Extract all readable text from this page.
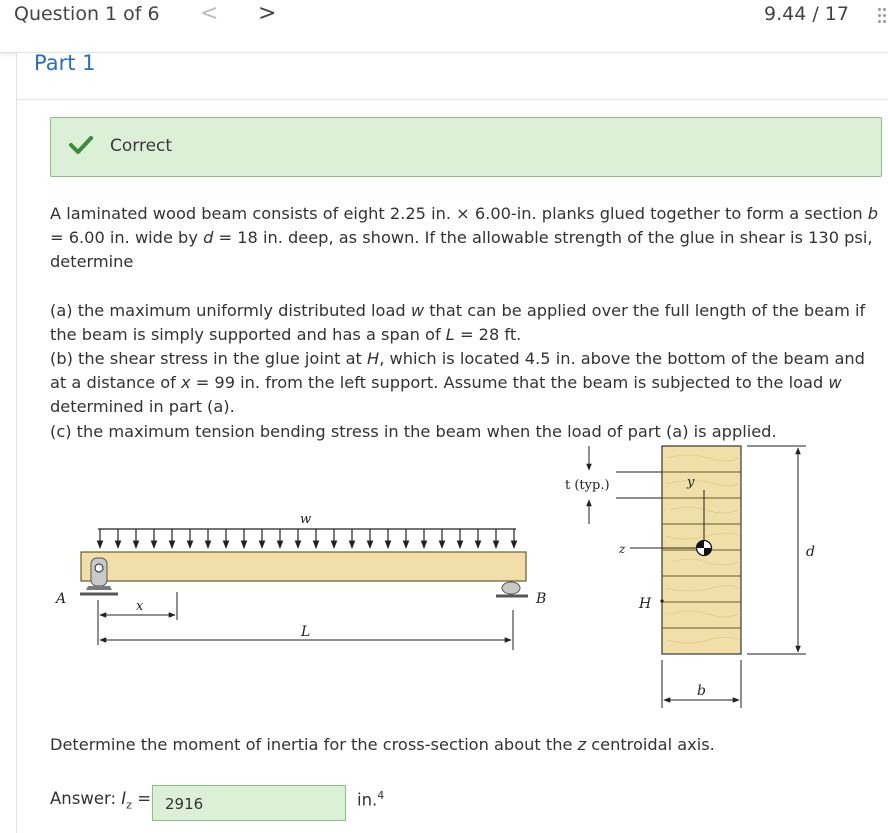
Question 1 of 6 < >	9.44 / 17
Part 1
Correct

A laminated wood beam consists of eight 2.25 in. × 6.00-in. planks glued together to form a section b = 6.00 in. wide by d = 18 in. deep, as shown. If the allowable strength of the glue in shear is 130 psi, determine

(a) the maximum uniformly distributed load w that can be applied over the full length of the beam if the beam is simply supported and has a span of L = 28 ft.

(b) the shear stress in the glue joint at H, which is located 4.5 in. above the bottom of the beam and at a distance of x = 99 in. from the left support. Assume that the beam is subjected to the load w determined in part (a).

(c) the maximum tension bending stress in the beam when the load of part (a) is applied.

w
A	B
x
L
y
z
t (typ.)
H
d
b
Determine the moment of inertia for the cross-section about the z centroidal axis.
Answer: $I_z$ =
2916	in.$^4$
